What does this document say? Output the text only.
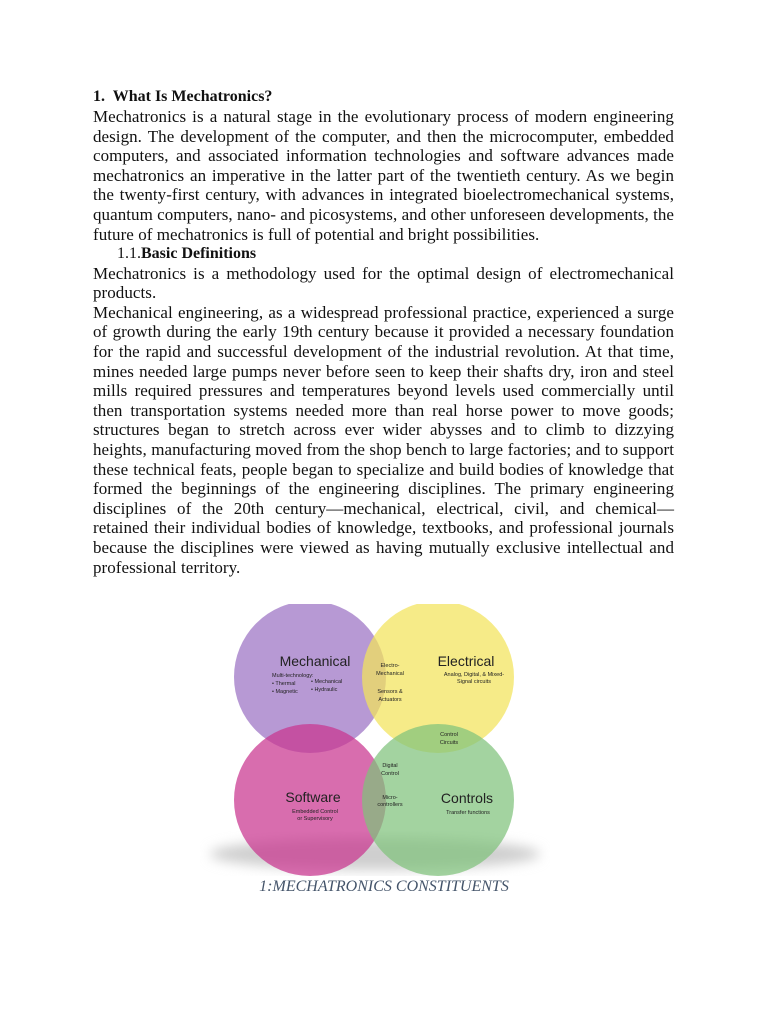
1. What Is Mechatronics?

Mechatronics is a natural stage in the evolutionary process of modern engineering design. The development of the computer, and then the microcomputer, embedded computers, and associated information technologies and software advances made mechatronics an imperative in the latter part of the twentieth century. As we begin the twenty-first century, with advances in integrated bioelectromechanical systems, quantum computers, nano- and picosystems, and other unforeseen developments, the future of mechatronics is full of potential and bright possibilities.

1.1.Basic Definitions

Mechatronics is a methodology used for the optimal design of electromechanical products.

Mechanical engineering, as a widespread professional practice, experienced a surge of growth during the early 19th century because it provided a necessary foundation for the rapid and successful development of the industrial revolution. At that time, mines needed large pumps never before seen to keep their shafts dry, iron and steel mills required pressures and temperatures beyond levels used commercially until then transportation systems needed more than real horse power to move goods; structures began to stretch across ever wider abysses and to climb to dizzying heights, manufacturing moved from the shop bench to large factories; and to support these technical feats, people began to specialize and build bodies of knowledge that formed the beginnings of the engineering disciplines. The primary engineering disciplines of the 20th century—mechanical, electrical, civil, and chemical—retained their individual bodies of knowledge, textbooks, and professional journals because the disciplines were viewed as having mutually exclusive intellectual and professional territory.

Mechanical
Multi-technology:
• Thermal	• Mechanical
• Magnetic • Hydraulic
Electrical
Analog, Digital, & Mixed-
Signal circuits
Software
Embedded Control
or Supervisory
Controls
Transfer functions
Electro-
Mechanical
Sensors &
Actuators
Control
Circuits
Digital
Control
Micro-
controllers
1:MECHATRONICS CONSTITUENTS
